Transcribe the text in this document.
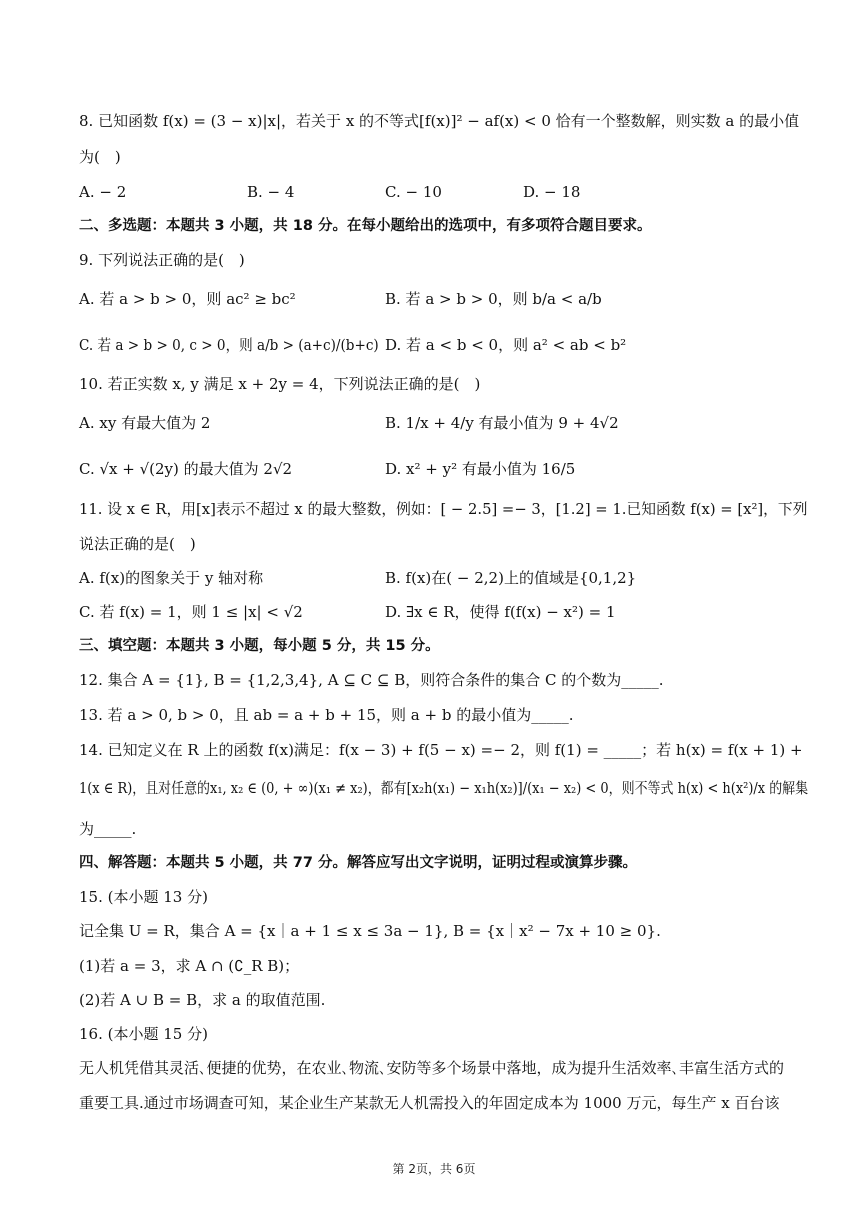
8. 已知函数 f(x) = (3 − x)|x|，若关于 x 的不等式[f(x)]² − af(x) < 0 恰有一个整数解，则实数 a 的最小值
为(　)
A. − 2	B. − 4	C. − 10	D. − 18
二、多选题：本题共 3 小题，共 18 分。在每小题给出的选项中，有多项符合题目要求。
9. 下列说法正确的是(　)
A. 若 a > b > 0，则 ac² ≥ bc²	B. 若 a > b > 0，则 b/a < a/b
C. 若 a > b > 0, c > 0，则 a/b > (a+c)/(b+c) D. 若 a < b < 0，则 a² < ab < b²
10. 若正实数 x, y 满足 x + 2y = 4，下列说法正确的是(　)
A. xy 有最大值为 2	B. 1/x + 4/y 有最小值为 9 + 4√2
C. √x + √(2y) 的最大值为 2√2	D. x² + y² 有最小值为 16/5
11. 设 x ∈ R，用[x]表示不超过 x 的最大整数，例如：[ − 2.5] =− 3，[1.2] = 1.已知函数 f(x) = [x²]，下列
说法正确的是(　)
A. f(x)的图象关于 y 轴对称	B. f(x)在( − 2,2)上的值域是{0,1,2}
C. 若 f(x) = 1，则 1 ≤ |x| < √2	D. ∃x ∈ R，使得 f(f(x) − x²) = 1
三、填空题：本题共 3 小题，每小题 5 分，共 15 分。
12. 集合 A = {1}, B = {1,2,3,4}, A ⊆ C ⊆ B，则符合条件的集合 C 的个数为_____.
13. 若 a > 0, b > 0，且 ab = a + b + 15，则 a + b 的最小值为_____.
14. 已知定义在 R 上的函数 f(x)满足：f(x − 3) + f(5 − x) =− 2，则 f(1) = _____；若 h(x) = f(x + 1) +
1(x ∈ R)，且对任意的x₁, x₂ ∈ (0, + ∞)(x₁ ≠ x₂)，都有[x₂h(x₁) − x₁h(x₂)]/(x₁ − x₂) < 0，则不等式 h(x) < h(x²)/x 的解集
为_____.
四、解答题：本题共 5 小题，共 77 分。解答应写出文字说明，证明过程或演算步骤。
15. (本小题 13 分)
记全集 U = R，集合 A = {x｜a + 1 ≤ x ≤ 3a − 1}, B = {x｜x² − 7x + 10 ≥ 0}.
(1)若 a = 3，求 A ∩ (∁_R B)；
(2)若 A ∪ B = B，求 a 的取值范围.
16. (本小题 15 分)
无人机凭借其灵活､便捷的优势，在农业､物流､安防等多个场景中落地，成为提升生活效率､丰富生活方式的
重要工具.通过市场调查可知，某企业生产某款无人机需投入的年固定成本为 1000 万元，每生产 x 百台该
第 2页，共 6页
